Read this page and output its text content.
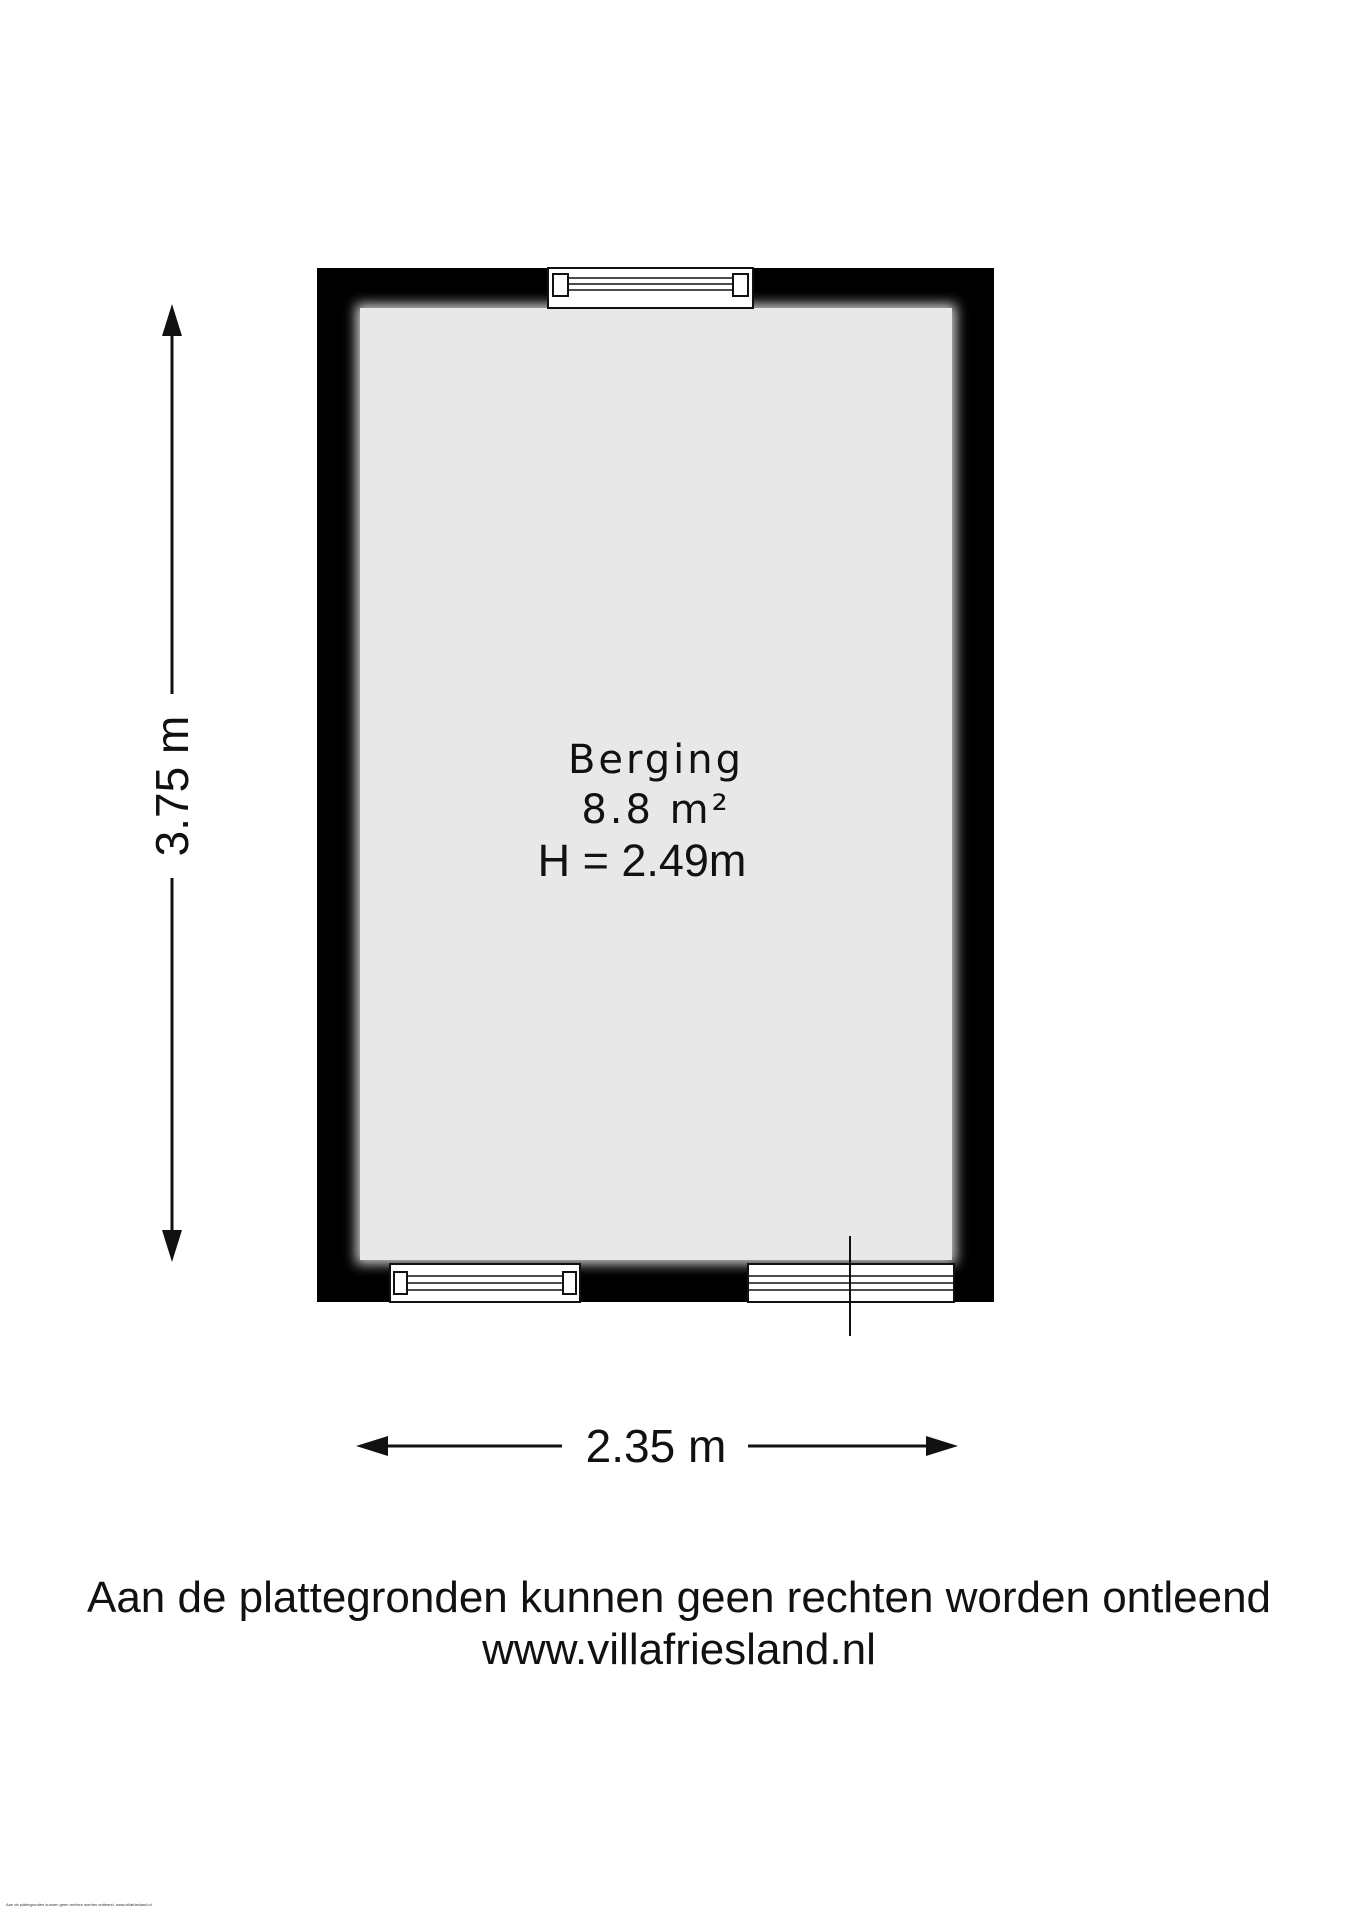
Berging
8.8 m²
H = 2.49m
3.75 m
2.35 m
Aan de plattegronden kunnen geen rechten worden ontleend
www.villafriesland.nl
Aan de plattegronden kunnen geen rechten worden ontleend. www.villafriesland.nl
